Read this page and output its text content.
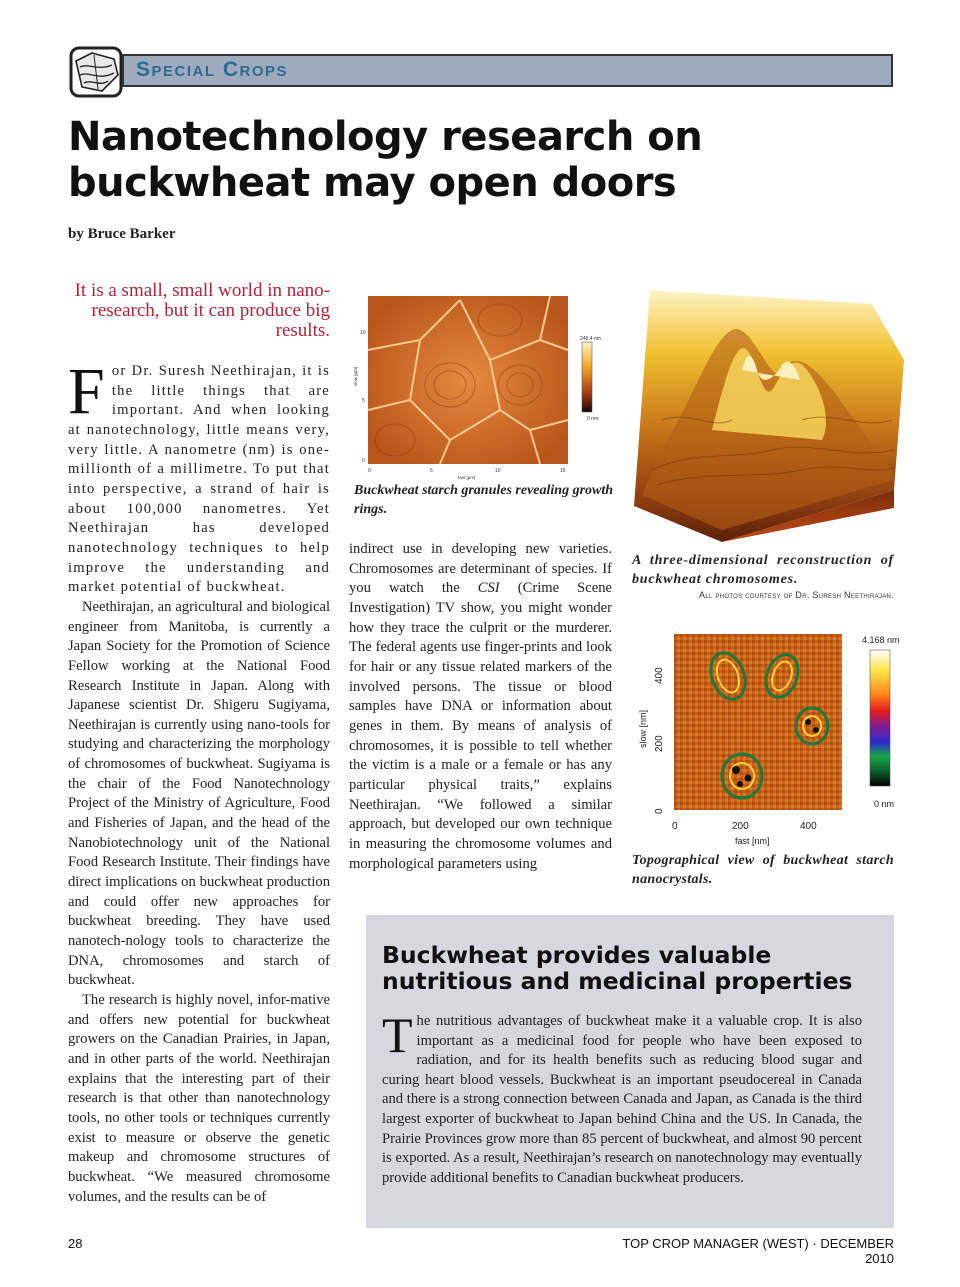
Special Crops
Nanotechnology research on buckwheat may open doors
by Bruce Barker
It is a small, small world in nano-research, but it can produce big results.

For Dr. Suresh Neethirajan, it is the little things that are important. And when looking at nanotechnology, little means very, very little. A nanometre (nm) is one-millionth of a millimetre. To put that into perspective, a strand of hair is about 100,000 nanometres. Yet Neethirajan has developed nanotechnology techniques to help improve the understanding and market potential of buckwheat.

Neethirajan, an agricultural and biological engineer from Manitoba, is currently a Japan Society for the Promotion of Science Fellow working at the National Food Research Institute in Japan. Along with Japanese scientist Dr. Shigeru Sugiyama, Neethirajan is currently using nano-tools for studying and characterizing the morphology of chromosomes of buckwheat. Sugiyama is the chair of the Food Nanotechnology Project of the Ministry of Agriculture, Food and Fisheries of Japan, and the head of the Nanobiotechnology unit of the National Food Research Institute. Their findings have direct implications on buckwheat production and could offer new approaches for buckwheat breeding. They have used nanotech-nology tools to characterize the DNA, chromosomes and starch of buckwheat.

The research is highly novel, infor-mative and offers new potential for buckwheat growers on the Canadian Prairies, in Japan, and in other parts of the world. Neethirajan explains that the interesting part of their research is that other than nanotechnology tools, no other tools or techniques currently exist to measure or observe the genetic makeup and chromosome structures of buckwheat. “We measured chromosome volumes, and the results can be of

246.4 nm
0 nm
0	5	10	15
fast [µm]
10
5
0
slow [µm]
Buckwheat starch granules revealing growth rings.
A three-dimensional reconstruction of buckwheat chromosomes.
All photos courtesy of Dr. Suresh Neethirajan.

indirect use in developing new varieties. Chromosomes are determinant of species. If you watch the CSI (Crime Scene Investigation) TV show, you might wonder how they trace the culprit or the murderer. The federal agents use finger-prints and look for hair or any tissue related markers of the involved persons. The tissue or blood samples have DNA or information about genes in them. By means of analysis of chromosomes, it is possible to tell whether the victim is a male or a female or has any particular physical traits,” explains Neethirajan. “We followed a similar approach, but developed our own technique in measuring the chromosome volumes and morphological parameters using

4.168 nm
0 nm
0	200	400
fast [nm]
400
200
0
slow [nm]
Topographical view of buckwheat starch nanocrystals.
Buckwheat provides valuable nutritious and medicinal properties
The nutritious advantages of buckwheat make it a valuable crop. It is also important as a medicinal food for people who have been exposed to radiation, and for its health benefits such as reducing blood sugar and curing heart blood vessels. Buckwheat is an important pseudocereal in Canada and there is a strong connection between Canada and Japan, as Canada is the third largest exporter of buckwheat to Japan behind China and the US. In Canada, the Prairie Provinces grow more than 85 percent of buckwheat, and almost 90 percent is exported. As a result, Neethirajan’s research on nanotechnology may eventually provide additional benefits to Canadian buckwheat producers.
28	TOP CROP MANAGER (WEST) · DECEMBER 2010
